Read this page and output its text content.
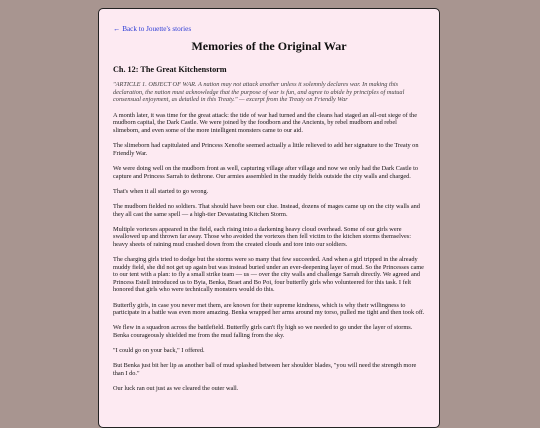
← Back to Jouette's stories
Memories of the Original War
Ch. 12: The Great Kitchenstorm

"ARTICLE 1. OBJECT OF WAR. A nation may not attack another unless it solemnly declares war. In making this declaration, the nation must acknowledge that the purpose of war is fun, and agree to abide by principles of mutual consensual enjoyment, as detailed in this Treaty." — excerpt from the Treaty on Friendly War

A month later, it was time for the great attack: the tide of war had turned and the cleans had staged an all-out siege of the mudborn capital, the Dark Castle. We were joined by the foodborn and the Ancients, by rebel mudborn and rebel slimeborn, and even some of the more intelligent monsters came to our aid.

The slimeborn had capitulated and Princess Xenofie seemed actually a little relieved to add her signature to the Treaty on Friendly War.

We were doing well on the mudborn front as well, capturing village after village and now we only had the Dark Castle to capture and Princess Sarrah to dethrone. Our armies assembled in the muddy fields outside the city walls and charged.

That's when it all started to go wrong.

The mudborn fielded no soldiers. That should have been our clue. Instead, dozens of mages came up on the city walls and they all cast the same spell — a high-tier Devastating Kitchen Storm.

Multiple vortexes appeared in the field, each rising into a darkening heavy cloud overhead. Some of our girls were swallowed up and thrown far away. Those who avoided the vortexes then fell victim to the kitchen storms themselves: heavy sheets of raining mud crashed down from the created clouds and tore into our soldiers.

The charging girls tried to dodge but the storms were so many that few succeeded. And when a girl tripped in the already muddy field, she did not get up again but was instead buried under an ever-deepening layer of mud. So the Princesses came to our tent with a plan: to fly a small strike team — us — over the city walls and challenge Sarrah directly. We agreed and Princess Estell introduced us to Byia, Benka, Braet and Bo Poi, four butterfly girls who volunteered for this task. I felt honored that girls who were technically monsters would do this.

Butterfly girls, in case you never met them, are known for their supreme kindness, which is why their willingness to participate in a battle was even more amazing. Benka wrapped her arms around my torso, pulled me tight and then took off.

We flew in a squadron across the battlefield. Butterfly girls can't fly high so we needed to go under the layer of storms. Benka courageously shielded me from the mud falling from the sky.

"I could go on your back," I offered.

But Benka just bit her lip as another ball of mud splashed between her shoulder blades, "you will need the strength more than I do."

Our luck ran out just as we cleared the outer wall.
